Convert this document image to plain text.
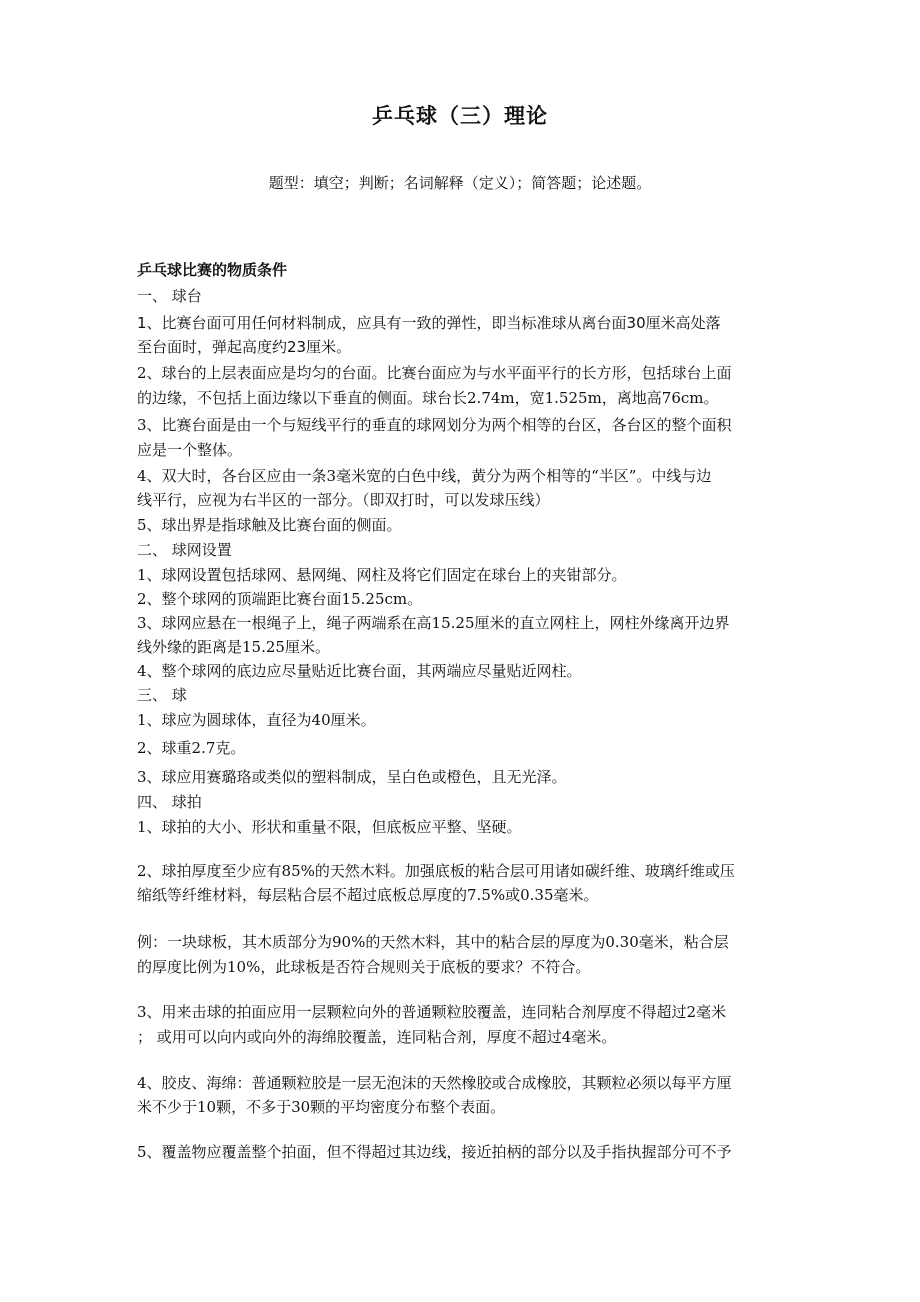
乒乓球（三）理论
题型：填空；判断；名词解释（定义）；简答题；论述题。
乒乓球比赛的物质条件
一、 球台
1、比赛台面可用任何材料制成，应具有一致的弹性，即当标准球从离台面30厘米高处落
至台面时，弹起高度约23厘米。
2、球台的上层表面应是均匀的台面。比赛台面应为与水平面平行的长方形，包括球台上面
的边缘，不包括上面边缘以下垂直的侧面。球台长2.74m，宽1.525m，离地高76cm。
3、比赛台面是由一个与短线平行的垂直的球网划分为两个相等的台区，各台区的整个面积
应是一个整体。
4、双大时，各台区应由一条3毫米宽的白色中线，黄分为两个相等的“半区”。中线与边
线平行，应视为右半区的一部分。（即双打时，可以发球压线）
5、球出界是指球触及比赛台面的侧面。
二、 球网设置
1、球网设置包括球网、悬网绳、网柱及将它们固定在球台上的夹钳部分。
2、整个球网的顶端距比赛台面15.25cm。
3、球网应悬在一根绳子上，绳子两端系在高15.25厘米的直立网柱上，网柱外缘离开边界
线外缘的距离是15.25厘米。
4、整个球网的底边应尽量贴近比赛台面，其两端应尽量贴近网柱。
三、 球
1、球应为圆球体，直径为40厘米。
2、球重2.7克。
3、球应用赛璐珞或类似的塑料制成，呈白色或橙色，且无光泽。
四、 球拍
1、球拍的大小、形状和重量不限，但底板应平整、坚硬。
2、球拍厚度至少应有85%的天然木料。加强底板的粘合层可用诸如碳纤维、玻璃纤维或压
缩纸等纤维材料，每层粘合层不超过底板总厚度的7.5%或0.35毫米。
例：一块球板，其木质部分为90%的天然木料，其中的粘合层的厚度为0.30毫米，粘合层
的厚度比例为10%，此球板是否符合规则关于底板的要求？不符合。
3、用来击球的拍面应用一层颗粒向外的普通颗粒胶覆盖，连同粘合剂厚度不得超过2毫米
； 或用可以向内或向外的海绵胶覆盖，连同粘合剂，厚度不超过4毫米。
4、胶皮、海绵：普通颗粒胶是一层无泡沫的天然橡胶或合成橡胶，其颗粒必须以每平方厘
米不少于10颗，不多于30颗的平均密度分布整个表面。
5、覆盖物应覆盖整个拍面，但不得超过其边线，接近拍柄的部分以及手指执握部分可不予
